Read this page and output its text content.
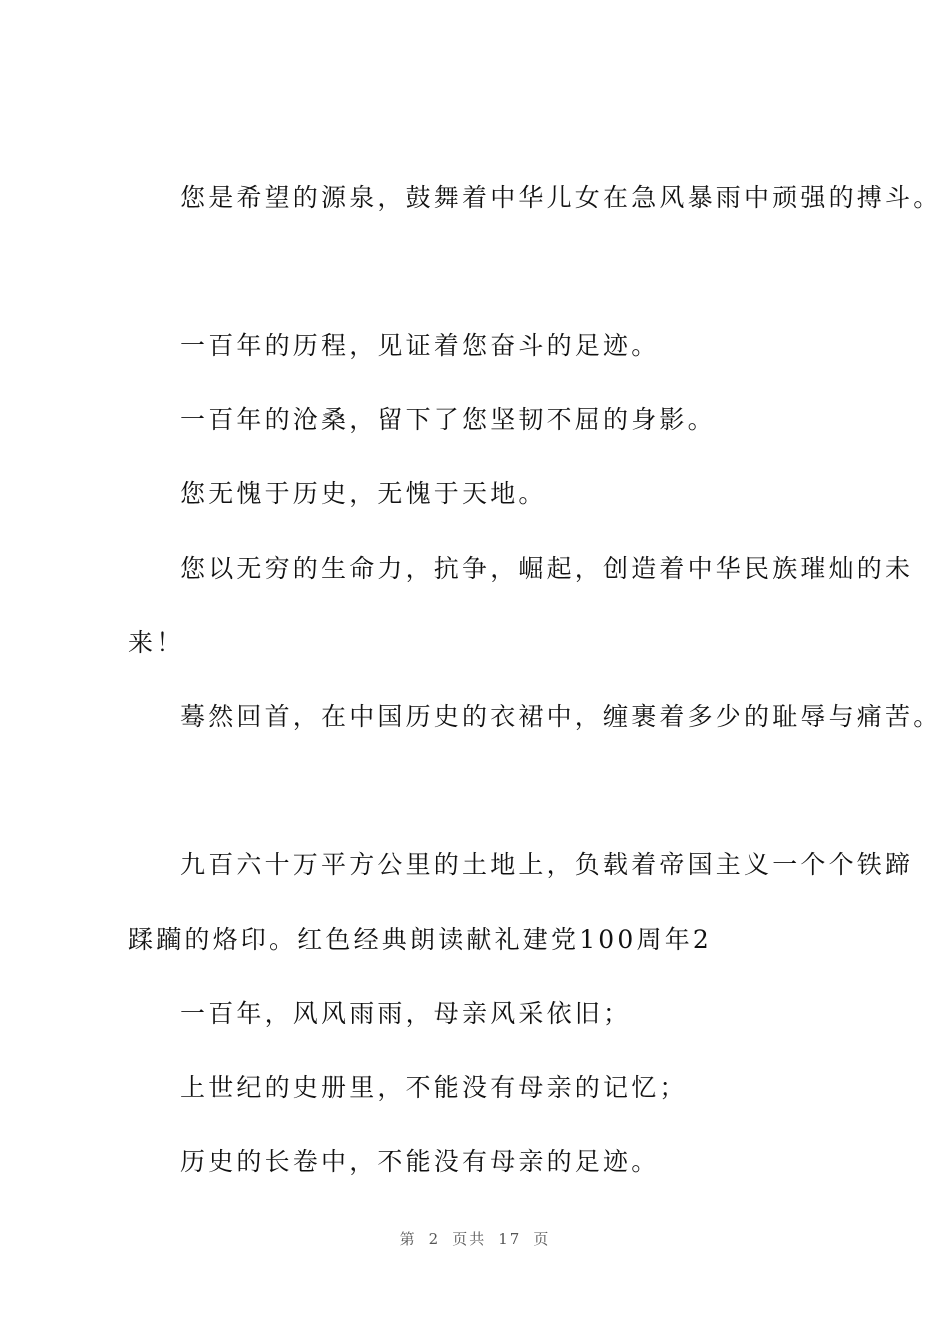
您是希望的源泉，鼓舞着中华儿女在急风暴雨中顽强的搏斗。
一百年的历程，见证着您奋斗的足迹。
一百年的沧桑，留下了您坚韧不屈的身影。
您无愧于历史，无愧于天地。
您以无穷的生命力，抗争，崛起，创造着中华民族璀灿的未
来！
蓦然回首，在中国历史的衣裙中，缠裹着多少的耻辱与痛苦。
九百六十万平方公里的土地上，负载着帝国主义一个个铁蹄
蹂躏的烙印。红色经典朗读献礼建党100周年2
一百年，风风雨雨，母亲风采依旧；
上世纪的史册里，不能没有母亲的记忆；
历史的长卷中，不能没有母亲的足迹。
第 2 页共 17 页
